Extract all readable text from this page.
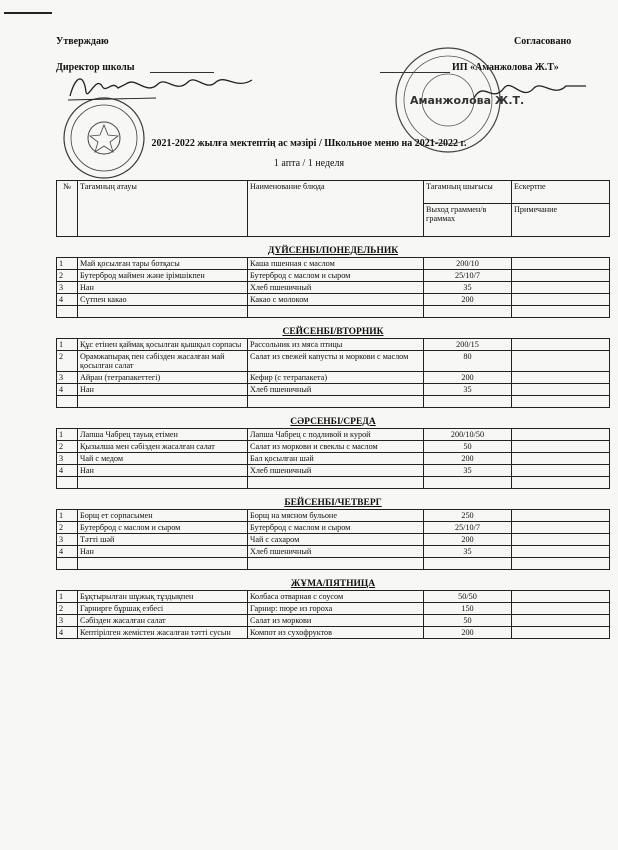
Утверждаю	Согласовано
Директор школы	ИП «Аманжолова Ж.Т»
Аманжолова Ж.Т.
2021-2022 жылға мектептің ас мәзірі / Школьное меню на 2021-2022 г.
1 апта / 1 неделя
№	Тағамның атауы	Наименование блюда	Тағамның шығысы	Ескертпе
			Выход граммен/в граммах	Примечание
ДҮЙСЕНБІ/ПОНЕДЕЛЬНИК				
1	Май қосылған тары ботқасы	Каша пшенная с маслом	200/10	
2	Бутерброд маймен және ірімшікпен	Бутерброд с маслом и сыром	25/10/7	
3	Нан	Хлеб пшеничный	35	
4	Сүтпен какао	Какао с молоком	200	

СЕЙСЕНБІ/ВТОРНИК				
1	Құс етінен қаймақ қосылған қышқыл сорпасы	Рассольник из мяса птицы	200/15	
2	Орамжапырақ пен сәбізден жасалған май қосылған салат	Салат из свежей капусты и моркови с маслом	80	
3	Айран (тетрапакеттегі)	Кефир (с тетрапакета)	200	
4	Нан	Хлеб пшеничный	35	

СӘРСЕНБІ/СРЕДА				
1	Лапша Чабрец тауық етімен	Лапша Чабрец с подливой и курой	200/10/50	
2	Қызылша мен сәбізден жасалған салат	Салат из моркови и свеклы с маслом	50	
3	Чай с медом	Бал қосылған шәй	200	
4	Нан	Хлеб пшеничный	35	

БЕЙСЕНБІ/ЧЕТВЕРГ				
1	Борщ ет сорпасымен	Борщ на мясном бульоне	250	
2	Бутерброд с маслом и сыром	Бутерброд с маслом и сыром	25/10/7	
3	Тәтті шәй	Чай с сахаром	200	
4	Нан	Хлеб пшеничный	35	

ЖҰМА/ПЯТНИЦА				
1	Бұқтырылған шұжық тұздықпен	Колбаса отварная с соусом	50/50	
2	Гарнирге бұршақ езбесі	Гарнир: пюре из гороха	150	
3	Сәбізден жасалған салат	Салат из моркови	50	
4	Кептірілген жемістен жасалған тәтті сусын	Компот из сухофруктов	200	
